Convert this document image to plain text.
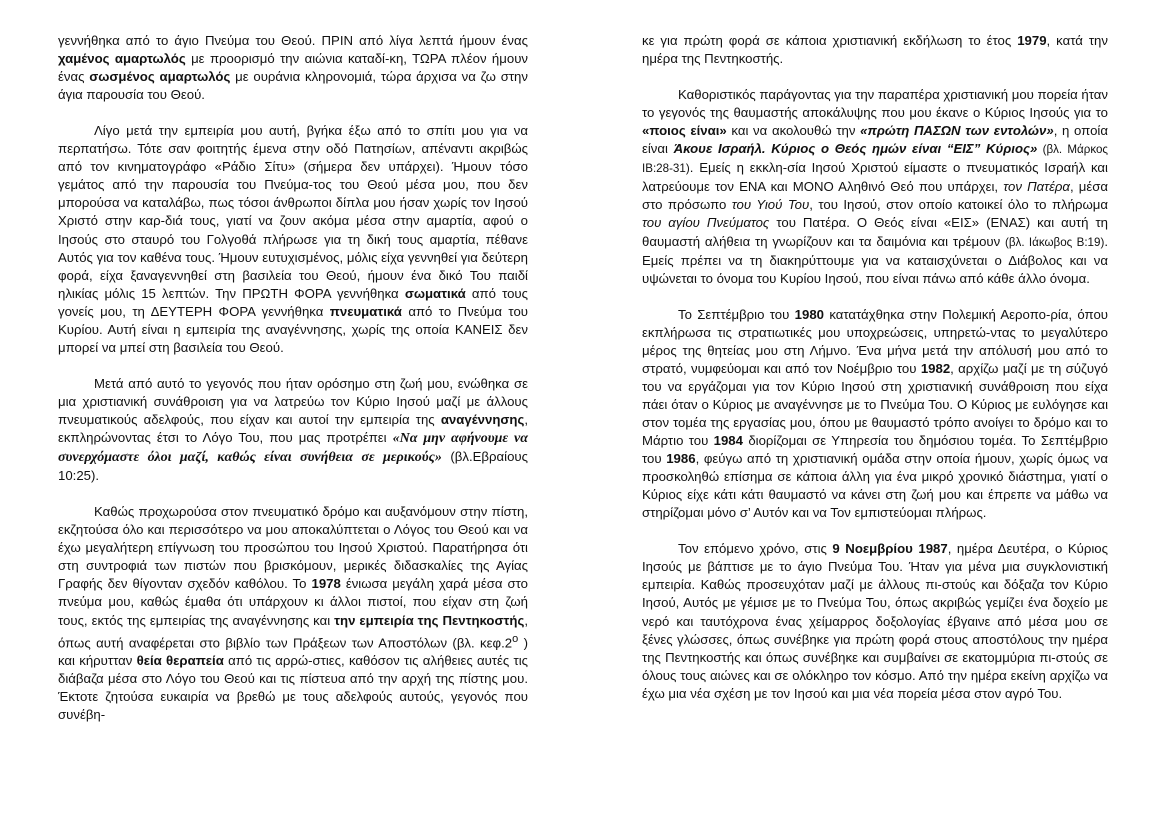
γεννήθηκα από το άγιο Πνεύμα του Θεού. ΠΡΙΝ από λίγα λεπτά ήμουν ένας χαμένος αμαρτωλός με προορισμό την αιώνια καταδί-κη, ΤΩΡΑ πλέον ήμουν ένας σωσμένος αμαρτωλός με ουράνια κληρονομιά, τώρα άρχισα να ζω στην άγια παρουσία του Θεού.

Λίγο μετά την εμπειρία μου αυτή, βγήκα έξω από το σπίτι μου για να περπατήσω. Τότε σαν φοιτητής έμενα στην οδό Πατησίων, απέναντι ακριβώς από τον κινηματογράφο «Ράδιο Σίτυ» (σήμερα δεν υπάρχει). Ήμουν τόσο γεμάτος από την παρουσία του Πνεύμα-τος του Θεού μέσα μου, που δεν μπορούσα να καταλάβω, πως τόσοι άνθρωποι δίπλα μου ήσαν χωρίς τον Ιησού Χριστό στην καρ-διά τους, γιατί να ζουν ακόμα μέσα στην αμαρτία, αφού ο Ιησούς στο σταυρό του Γολγοθά πλήρωσε για τη δική τους αμαρτία, πέθανε Αυτός για τον καθένα τους. Ήμουν ευτυχισμένος, μόλις είχα γεννηθεί για δεύτερη φορά, είχα ξαναγεννηθεί στη βασιλεία του Θεού, ήμουν ένα δικό Του παιδί ηλικίας μόλις 15 λεπτών. Την ΠΡΩΤΗ ΦΟΡΑ γεννήθηκα σωματικά από τους γονείς μου, τη ΔΕΥΤΕΡΗ ΦΟΡΑ γεννήθηκα πνευματικά από το Πνεύμα του Κυρίου. Αυτή είναι η εμπειρία της αναγέννησης, χωρίς της οποία ΚΑΝΕΙΣ δεν μπορεί να μπεί στη βασιλεία του Θεού.

Μετά από αυτό το γεγονός που ήταν ορόσημο στη ζωή μου, ενώθηκα σε μια χριστιανική συνάθροιση για να λατρεύω τον Κύριο Ιησού μαζί με άλλους πνευματικούς αδελφούς, που είχαν και αυτοί την εμπειρία της αναγέννησης, εκπληρώνοντας έτσι το Λόγο Του, που μας προτρέπει «Να μην αφήνουμε να συνερχόμαστε όλοι μαζί, καθώς είναι συνήθεια σε μερικούς» (βλ.Εβραίους 10:25).

Καθώς προχωρούσα στον πνευματικό δρόμο και αυξανόμουν στην πίστη, εκζητούσα όλο και περισσότερο να μου αποκαλύπτεται ο Λόγος του Θεού και να έχω μεγαλήτερη επίγνωση του προσώπου του Ιησού Χριστού. Παρατήρησα ότι στη συντροφιά των πιστών που βρισκόμουν, μερικές διδασκαλίες της Αγίας Γραφής δεν θίγονταν σχεδόν καθόλου. Το 1978 ένιωσα μεγάλη χαρά μέσα στο πνεύμα μου, καθώς έμαθα ότι υπάρχουν κι άλλοι πιστοί, που είχαν στη ζωή τους, εκτός της εμπειρίας της αναγέννησης και την εμπειρία της Πεντηκοστής, όπως αυτή αναφέρεται στο βιβλίο των Πράξεων των Αποστόλων (βλ. $\kappa\varepsilon\varphi.2^o$ ) και κήρυτταν θεία θεραπεία από τις αρρώ-στιες, καθόσον τις αλήθειες αυτές τις διάβαζα μέσα στο Λόγο του Θεού και τις πίστευα από την αρχή της πίστης μου. Έκτοτε ζητούσα ευκαιρία να βρεθώ με τους αδελφούς αυτούς, γεγονός που συνέβη-

κε για πρώτη φορά σε κάποια χριστιανική εκδήλωση το έτος 1979, κατά την ημέρα της Πεντηκοστής.

Καθοριστικός παράγοντας για την παραπέρα χριστιανική μου πορεία ήταν το γεγονός της θαυμαστής αποκάλυψης που μου έκανε ο Κύριος Ιησούς για το «ποιος είναι» και να ακολουθώ την «πρώτη ΠΑΣΩΝ των εντολών», η οποία είναι Άκουε Ισραήλ. Κύριος ο Θεός ημών είναι “ΕΙΣ” Κύριος» (βλ. Μάρκος ΙΒ:28-31). Εμείς η εκκλη-σία Ιησού Χριστού είμαστε ο πνευματικός Ισραήλ και λατρεύουμε τον ΕΝΑ και ΜΟΝΟ Αληθινό Θεό που υπάρχει, τον Πατέρα, μέσα στο πρόσωπο του Υιού Του, του Ιησού, στον οποίο κατοικεί όλο το πλήρωμα του αγίου Πνεύματος του Πατέρα. Ο Θεός είναι «ΕΙΣ» (ΕΝΑΣ) και αυτή τη θαυμαστή αλήθεια τη γνωρίζουν και τα δαιμόνια και τρέμουν (βλ. Ιάκωβος Β:19). Εμείς πρέπει να τη διακηρύττουμε για να καταισχύνεται ο Διάβολος και να υψώνεται το όνομα του Κυρίου Ιησού, που είναι πάνω από κάθε άλλο όνομα.

Το Σεπτέμβριο του 1980 κατατάχθηκα στην Πολεμική Αεροπο-ρία, όπου εκπλήρωσα τις στρατιωτικές μου υποχρεώσεις, υπηρετώ-ντας το μεγαλύτερο μέρος της θητείας μου στη Λήμνο. Ένα μήνα μετά την απόλυσή μου από το στρατό, νυμφεύομαι και από τον Νοέμβριο του 1982, αρχίζω μαζί με τη σύζυγό του να εργάζομαι για τον Κύριο Ιησού στη χριστιανική συνάθροιση που είχα πάει όταν ο Κύριος με αναγέννησε με το Πνεύμα Του. Ο Κύριος με ευλόγησε και στον τομέα της εργασίας μου, όπου με θαυμαστό τρόπο ανοίγει το δρόμο και το Μάρτιο του 1984 διορίζομαι σε Υπηρεσία του δημόσιου τομέα. Το Σεπτέμβριο του 1986, φεύγω από τη χριστιανική ομάδα στην οποία ήμουν, χωρίς όμως να προσκοληθώ επίσημα σε κάποια άλλη για ένα μικρό χρονικό διάστημα, γιατί ο Κύριος είχε κάτι κάτι θαυμαστό να κάνει στη ζωή μου και έπρεπε να μάθω να στηρίζομαι μόνο σ’ Αυτόν και να Τον εμπιστεύομαι πλήρως.

Τον επόμενο χρόνο, στις 9 Νοεμβρίου 1987, ημέρα Δευτέρα, ο Κύριος Ιησούς με βάπτισε με το άγιο Πνεύμα Του. Ήταν για μένα μια συγκλονιστική εμπειρία. Καθώς προσευχόταν μαζί με άλλους πι-στούς και δόξαζα τον Κύριο Ιησού, Αυτός με γέμισε με το Πνεύμα Του, όπως ακριβώς γεμίζει ένα δοχείο με νερό και ταυτόχρονα ένας χείμαρρος δοξολογίας έβγαινε από μέσα μου σε ξένες γλώσσες, όπως συνέβηκε για πρώτη φορά στους αποστόλους την ημέρα της Πεντηκοστής και όπως συνέβηκε και συμβαίνει σε εκατομμύρια πι-στούς σε όλους τους αιώνες και σε ολόκληρο τον κόσμο. Από την ημέρα εκείνη αρχίζω να έχω μια νέα σχέση με τον Ιησού και μια νέα πορεία μέσα στον αγρό Του.
